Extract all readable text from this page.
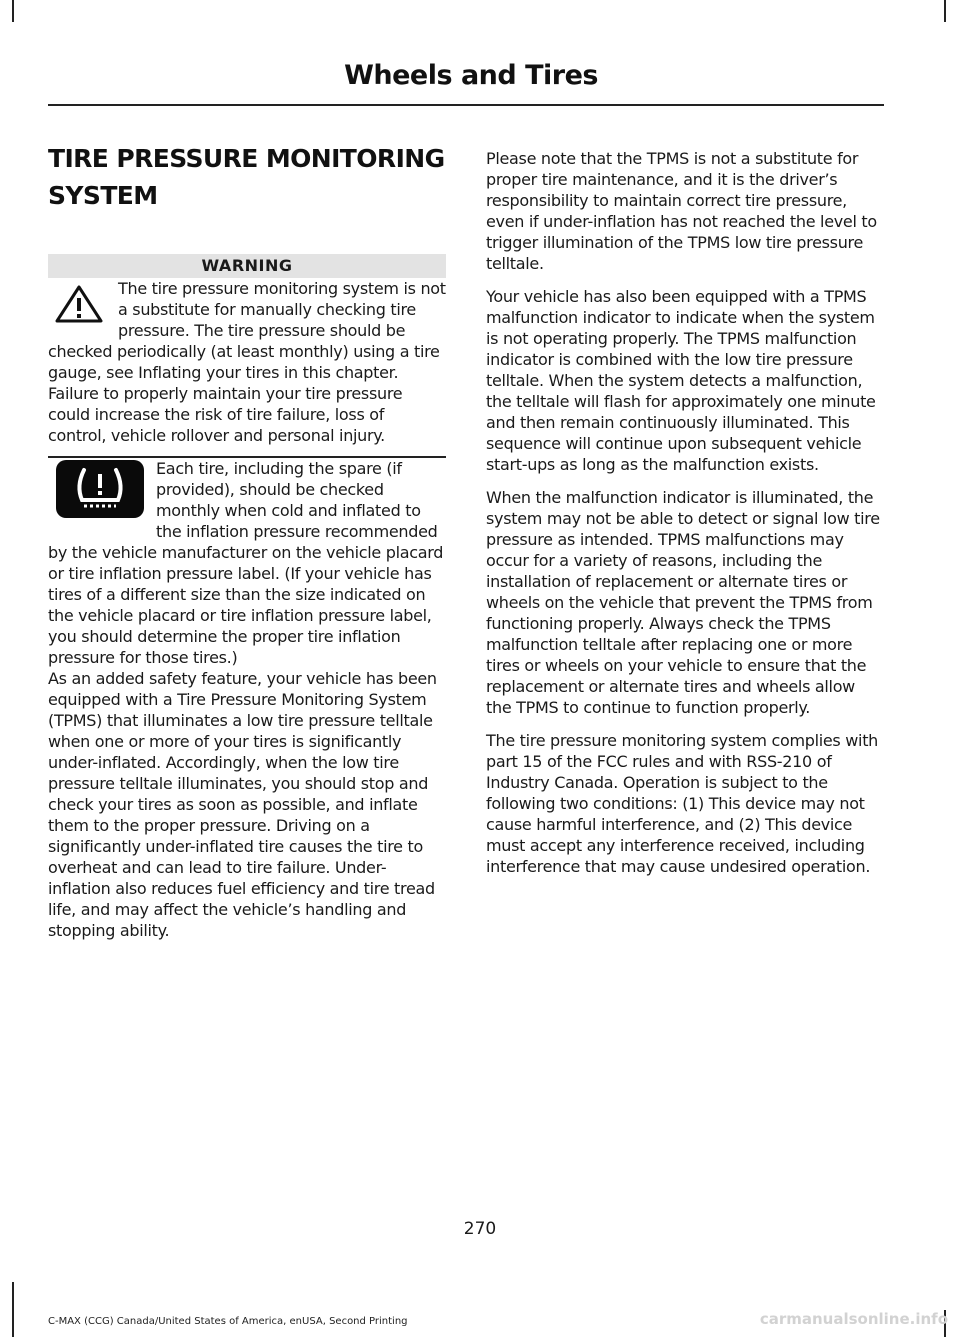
Wheels and Tires
TIRE PRESSURE MONITORING
SYSTEM
WARNING

The tire pressure monitoring system is not a substitute for manually checking tire pressure. The tire pressure should be checked periodically (at least monthly) using a tire gauge, see Inflating your tires in this chapter. Failure to properly maintain your tire pressure could increase the risk of tire failure, loss of control, vehicle rollover and personal injury.

Each tire, including the spare (if provided), should be checked monthly when cold and inflated to the inflation pressure recommended by the vehicle manufacturer on the vehicle placard or tire inflation pressure label. (If your vehicle has tires of a different size than the size indicated on the vehicle placard or tire inflation pressure label, you should determine the proper tire inflation pressure for those tires.)

As an added safety feature, your vehicle has been equipped with a Tire Pressure Monitoring System (TPMS) that illuminates a low tire pressure telltale when one or more of your tires is significantly under-inflated. Accordingly, when the low tire pressure telltale illuminates, you should stop and check your tires as soon as possible, and inflate them to the proper pressure. Driving on a significantly under-inflated tire causes the tire to overheat and can lead to tire failure. Under-inflation also reduces fuel efficiency and tire tread life, and may affect the vehicle’s handling and stopping ability.

Please note that the TPMS is not a substitute for proper tire maintenance, and it is the driver’s responsibility to maintain correct tire pressure, even if under-inflation has not reached the level to trigger illumination of the TPMS low tire pressure telltale.

Your vehicle has also been equipped with a TPMS malfunction indicator to indicate when the system is not operating properly. The TPMS malfunction indicator is combined with the low tire pressure telltale. When the system detects a malfunction, the telltale will flash for approximately one minute and then remain continuously illuminated. This sequence will continue upon subsequent vehicle start-ups as long as the malfunction exists.

When the malfunction indicator is illuminated, the system may not be able to detect or signal low tire pressure as intended. TPMS malfunctions may occur for a variety of reasons, including the installation of replacement or alternate tires or wheels on the vehicle that prevent the TPMS from functioning properly. Always check the TPMS malfunction telltale after replacing one or more tires or wheels on your vehicle to ensure that the replacement or alternate tires and wheels allow the TPMS to continue to function properly.

The tire pressure monitoring system complies with part 15 of the FCC rules and with RSS-210 of Industry Canada. Operation is subject to the following two conditions: (1) This device may not cause harmful interference, and (2) This device must accept any interference received, including interference that may cause undesired operation.

270
C-MAX (CCG) Canada/United States of America, enUSA, Second Printing	carmanualsonline.info
